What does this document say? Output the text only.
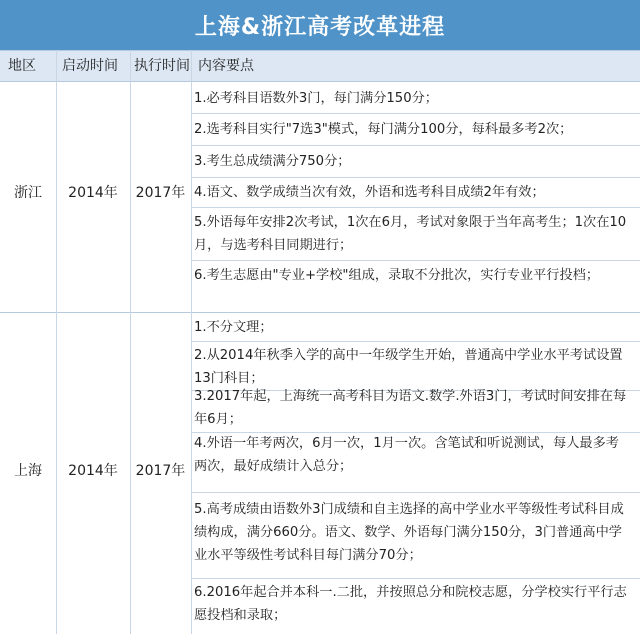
上海&浙江高考改革进程
地区	启动时间	执行时间 内容要点
浙江	2014年	2017年
1.必考科目语数外3门，每门满分150分；
2.选考科目实行"7选3"模式，每门满分100分，每科最多考2次；
3.考生总成绩满分750分；
4.语文、数学成绩当次有效，外语和选考科目成绩2年有效；
5.外语每年安排2次考试，1次在6月，考试对象限于当年高考生；1次在10月，与选考科目同期进行；
6.考生志愿由"专业+学校"组成，录取不分批次，实行专业平行投档；
上海	2014年	2017年
1.不分文理；
2.从2014年秋季入学的高中一年级学生开始，普通高中学业水平考试设置13门科目；
3.2017年起，上海统一高考科目为语文.数学.外语3门，考试时间安排在每年6月；
4.外语一年考两次，6月一次，1月一次。含笔试和听说测试，每人最多考两次，最好成绩计入总分；
5.高考成绩由语数外3门成绩和自主选择的高中学业水平等级性考试科目成绩构成，满分660分。语文、数学、外语每门满分150分，3门普通高中学业水平等级性考试科目每门满分70分；
6.2016年起合并本科一.二批，并按照总分和院校志愿，分学校实行平行志愿投档和录取；
